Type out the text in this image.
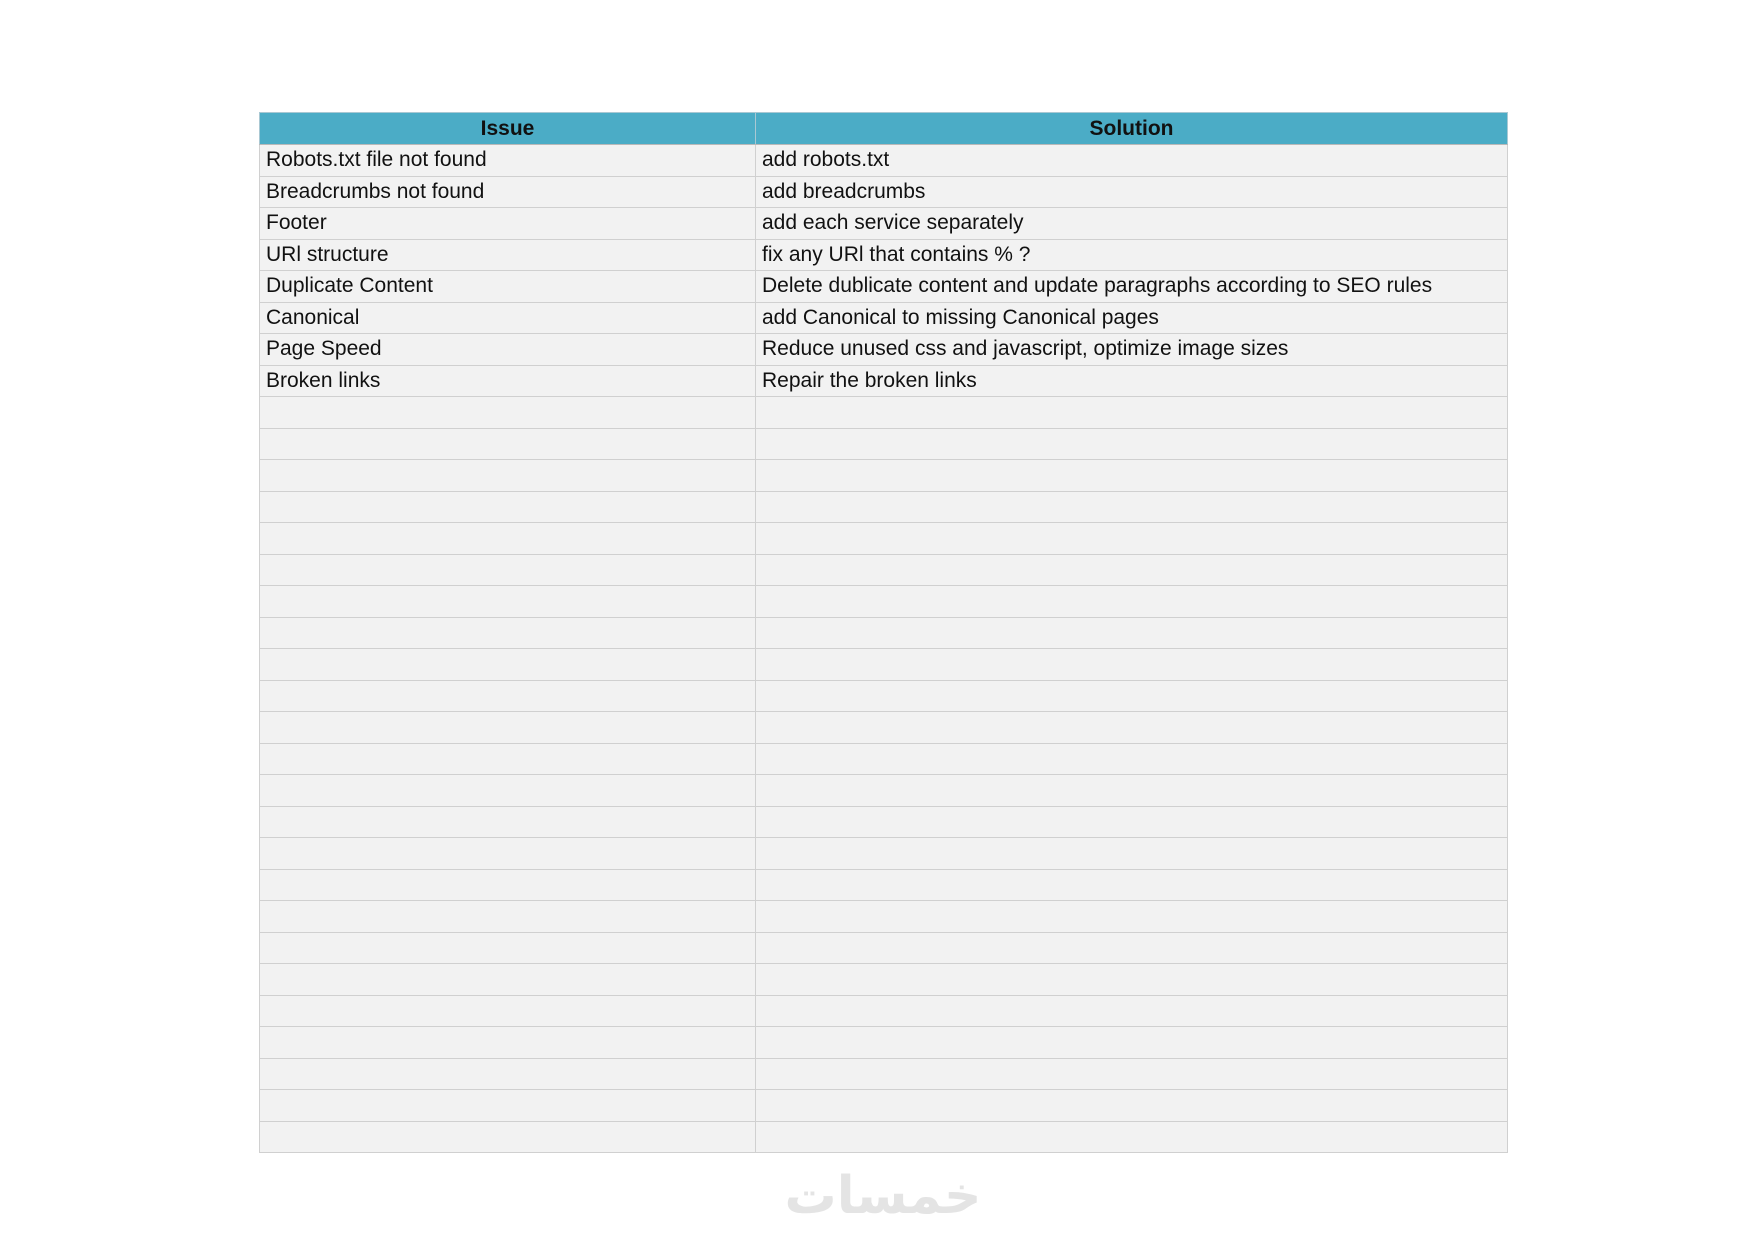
Issue	Solution
Robots.txt file not found	add robots.txt
Breadcrumbs not found	add breadcrumbs
Footer	add each service separately
URl structure	fix any URl that contains % ?
Duplicate Content	Delete dublicate content and update paragraphs according to SEO rules
Canonical	add Canonical to missing Canonical pages
Page Speed	Reduce unused css and javascript, optimize image sizes
Broken links	Repair the broken links

خمسات
